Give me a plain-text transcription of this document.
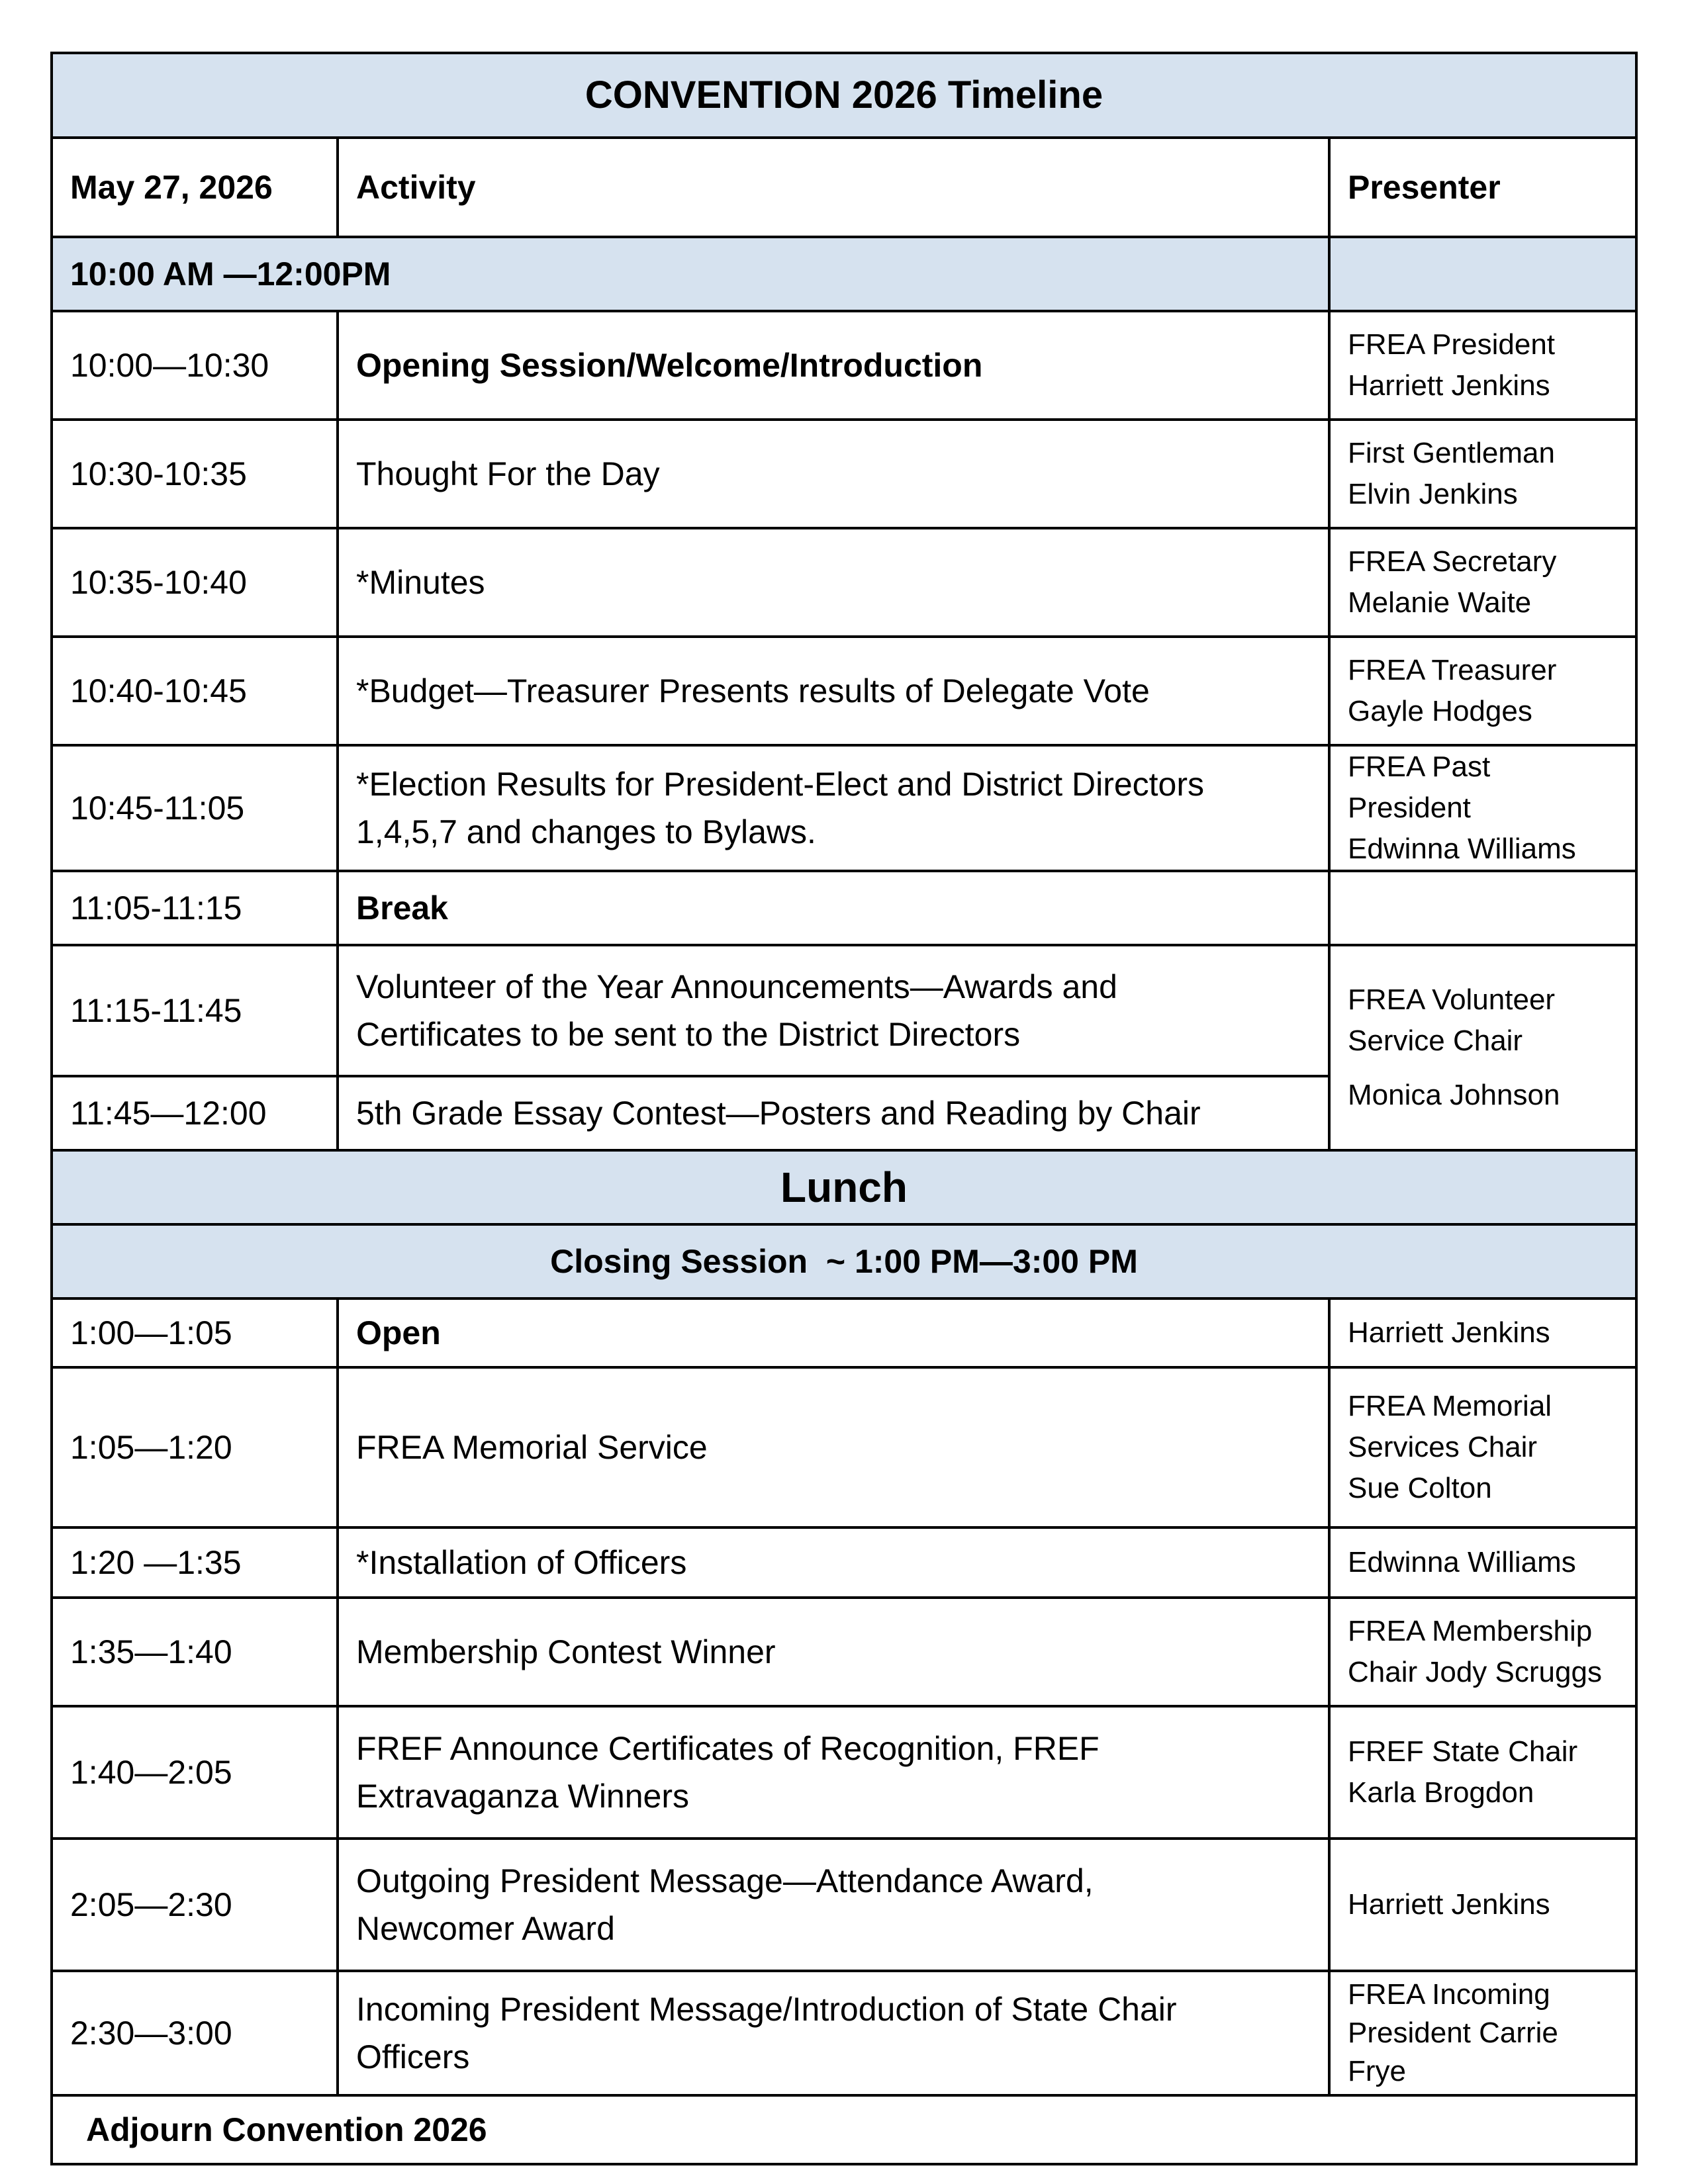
CONVENTION 2026 Timeline		
May 27, 2026	Activity	Presenter
10:00 AM —12:00PM		
10:00—10:30	Opening Session/Welcome/Introduction	FREA President
Harriett Jenkins

10:30-10:35	Thought For the Day	First Gentleman
Elvin Jenkins

10:35-10:40	*Minutes	FREA Secretary
Melanie Waite

10:40-10:45	*Budget—Treasurer Presents results of Delegate Vote	FREA Treasurer
Gayle Hodges

10:45-11:05	*Election Results for President-Elect and District Directors
1,4,5,7 and changes to Bylaws.	FREA Past President
Edwinna Williams

11:05-11:15	Break	
11:15-11:45	Volunteer of the Year Announcements—Awards and
Certificates to be sent to the District Directors	FREA Volunteer
Service Chair
Monica Johnson

11:45—12:00	5th Grade Essay Contest—Posters and Reading by Chair	
Lunch		
Closing Session  ~ 1:00 PM—3:00 PM		
1:00—1:05	Open	Harriett Jenkins
1:05—1:20	FREA Memorial Service	FREA Memorial
Services Chair
Sue Colton

1:20 —1:35	*Installation of Officers	Edwinna Williams
1:35—1:40	Membership Contest Winner	FREA Membership
Chair Jody Scruggs

1:40—2:05	FREF Announce Certificates of Recognition, FREF
Extravaganza Winners	FREF State Chair
Karla Brogdon

2:05—2:30	Outgoing President Message—Attendance Award,
Newcomer Award	Harriett Jenkins
2:30—3:00	Incoming President Message/Introduction of State Chair
Officers	FREA Incoming
President Carrie
Frye

Adjourn Convention 2026		
